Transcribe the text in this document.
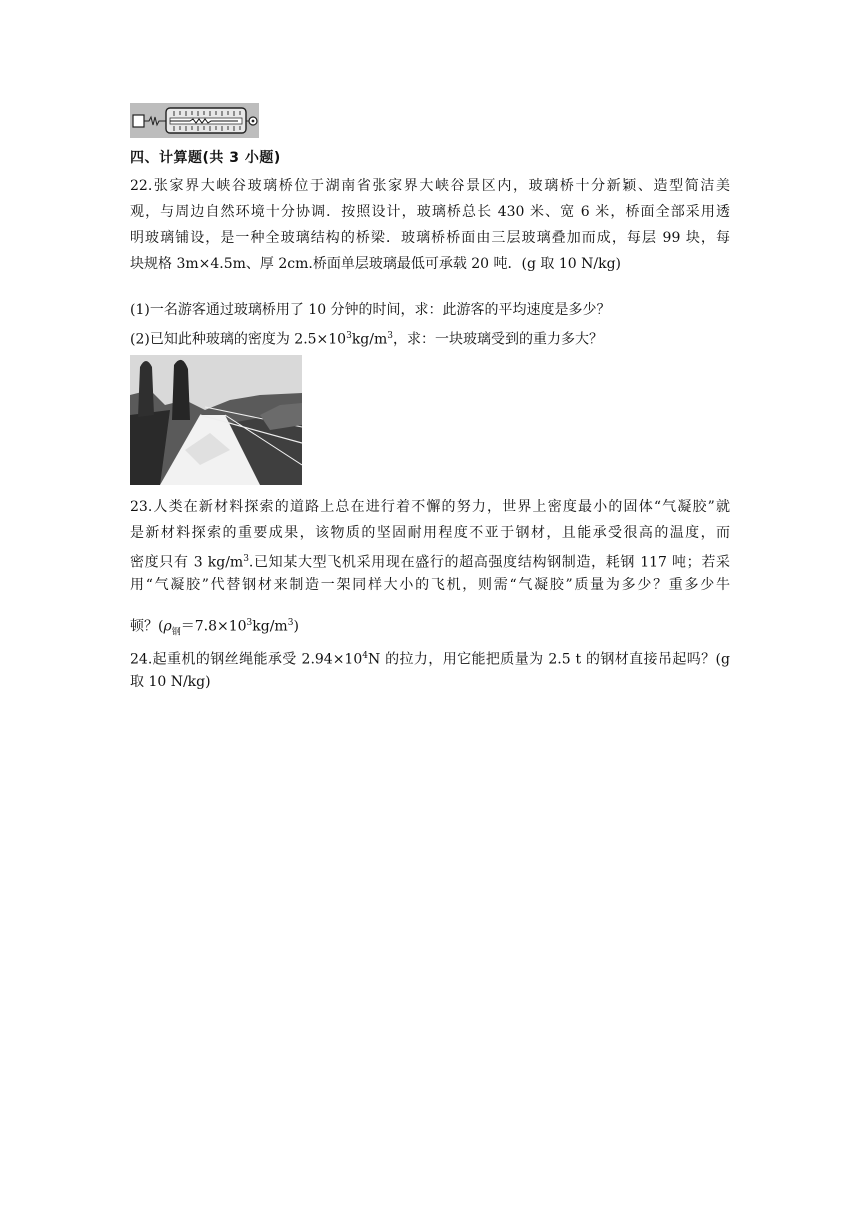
四、计算题(共 3 小题)
22.张家界大峡谷玻璃桥位于湖南省张家界大峡谷景区内，玻璃桥十分新颖、造型简洁美
观，与周边自然环境十分协调．按照设计，玻璃桥总长 430 米、宽 6 米，桥面全部采用透
明玻璃铺设，是一种全玻璃结构的桥梁．玻璃桥桥面由三层玻璃叠加而成，每层 99 块，每
块规格 3m×4.5m、厚 2cm.桥面单层玻璃最低可承载 20 吨．(g 取 10 N/kg)
(1)一名游客通过玻璃桥用了 10 分钟的时间，求：此游客的平均速度是多少？
(2)已知此种玻璃的密度为 $2.5\times 10^3kg/m^3$，求：一块玻璃受到的重力多大？
23.人类在新材料探索的道路上总在进行着不懈的努力，世界上密度最小的固体“气凝胶”就
是新材料探索的重要成果，该物质的坚固耐用程度不亚于钢材，且能承受很高的温度，而
密度只有 3 $kg/m^3$.已知某大型飞机采用现在盛行的超高强度结构钢制造，耗钢 117 吨；若采
用“气凝胶”代替钢材来制造一架同样大小的飞机，则需“气凝胶”质量为多少？重多少牛
顿？$(\rho_钢=7.8\times 10^3kg/m^3)$
24.起重机的钢丝绳能承受 $2.94\times 10^4N$ 的拉力，用它能把质量为 2.5 t 的钢材直接吊起吗？(g
取 10 N/kg)
